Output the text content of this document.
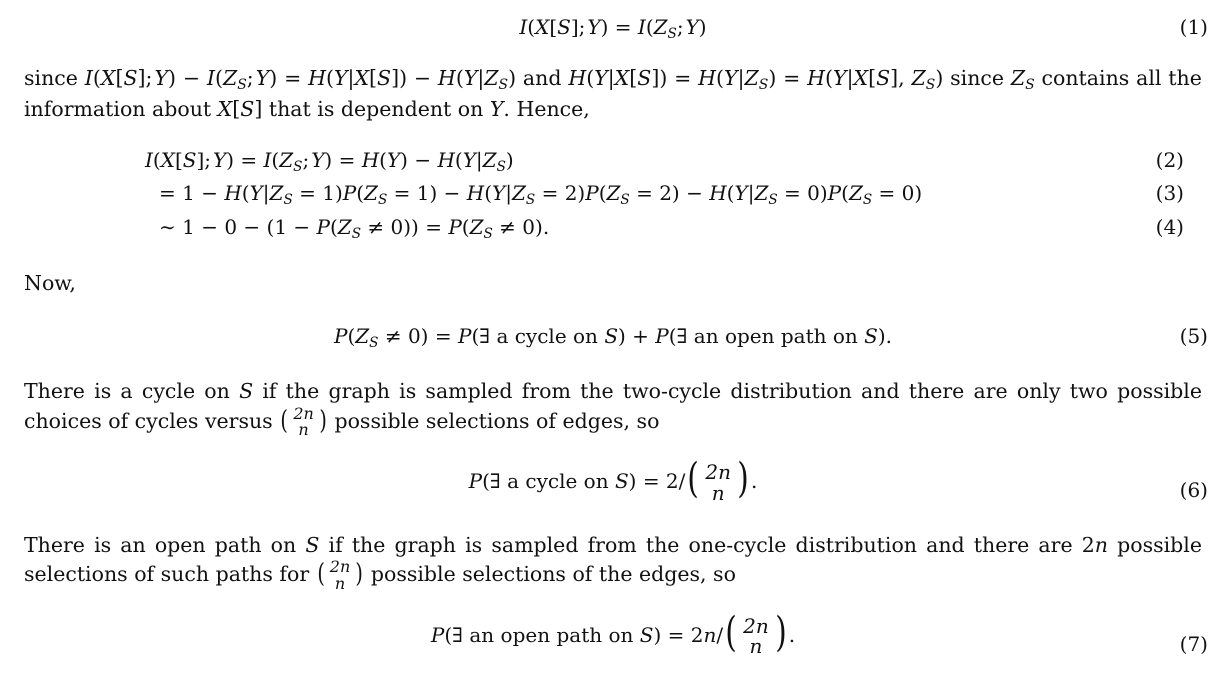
I(X[S]; $Y) = I(Z_S$; Y)	(1)

since I(X[S]; $Y) - I(Z_S$; $Y) = H(Y|X[S]) - H(Y|Z_S)$ and $H(Y|X[S]) = H(Y|Z_S) = H(Y|X[S]$, $Z_S$) since $Z_S$ contains all the information about X[S] that is dependent on Y. Hence,

I(X[S]; $Y) = I(Z_S$; $Y) = H(Y) - H(Y|Z_S)$	(2)
= $1 - H(Y|Z_S = 1)P(Z_S = 1) - H(Y|Z_S = 2)P(Z_S = 2) - H(Y|Z_S = 0)P(Z_S = 0)$	(3)
∼ $1 - 0 - (1 - P(Z_S \ne 0)) = P(Z_S \ne 0)$.	(4)

Now,

$P(Z_S \ne 0)$ = P(∃ a cycle on S) + P(∃ an open path on S).	(5)

There is a cycle on S if the graph is sampled from the two-cycle distribution and there are only two possible choices of cycles versus ( 2n
n ) possible selections of edges, so

P(∃ a cycle on S) = 2/( 2n
n ) .	(6)

There is an open path on S if the graph is sampled from the one-cycle distribution and there are 2n possible selections of such paths for ( 2n
n ) possible selections of the edges, so

P(∃ an open path on S) = 2n/( 2n
n ) .	(7)
